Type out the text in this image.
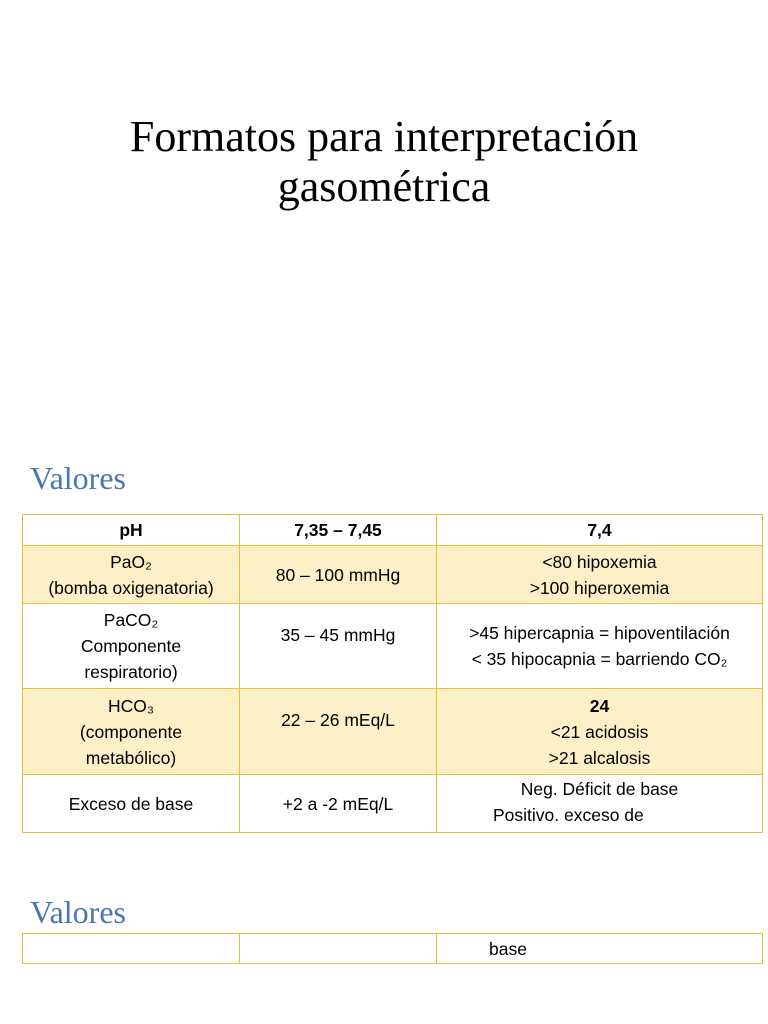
Formatos para interpretación
gasométrica
Valores
pH	7,35 – 7,45	7,4

PaO₂
(bomba oxigenatoria)	80 – 100 mmHg	<80 hipoxemia
>100 hiperoxemia

PaCO₂
Componente
respiratorio)	35 – 45 mmHg	>45 hipercapnia = hipoventilación
< 35 hipocapnia = barriendo CO₂

HCO₃
(componente
metabólico)	22 – 26 mEq/L	24
<21 acidosis
>21 alcalosis

Exceso de base	+2 a -2 mEq/L	Neg. Déficit de base
Positivo. exceso de
Valores
		base
